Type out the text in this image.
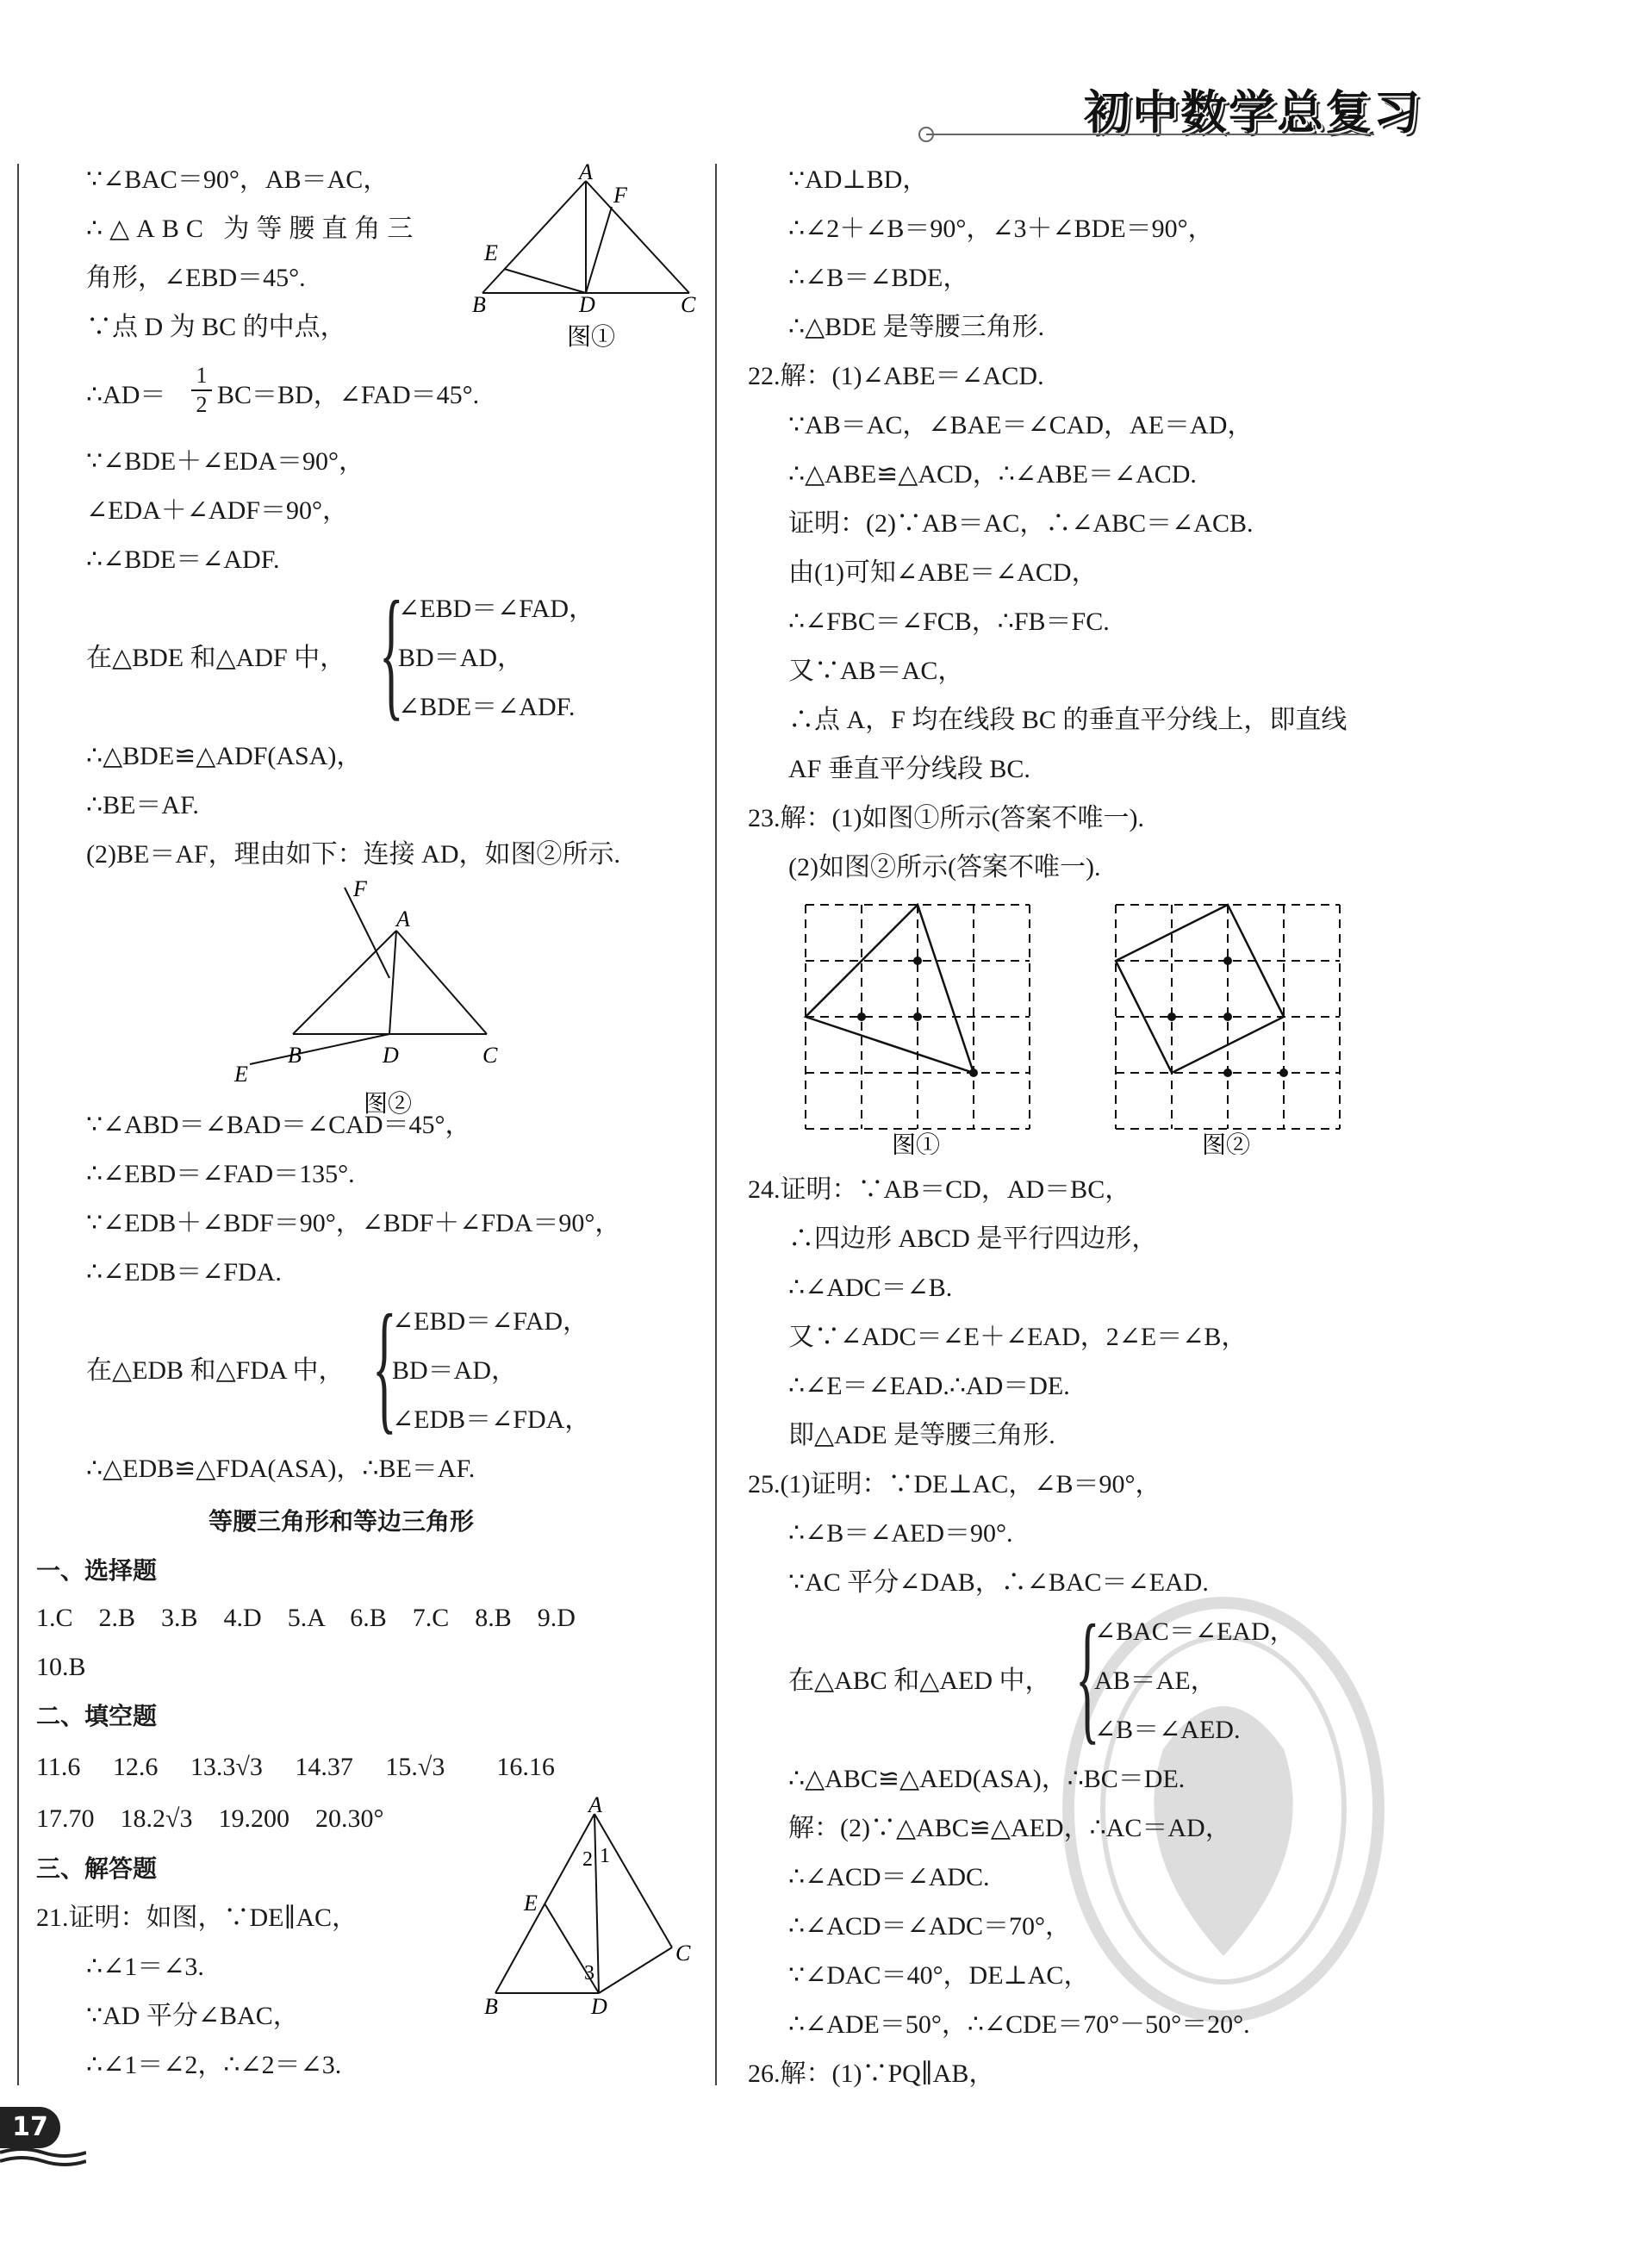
初中数学总复习
∵∠BAC＝90°，AB＝AC，
∴△ABC 为等腰直角三
角形，∠EBD＝45°.
∵点 D 为 BC 的中点，
A
F
E
B	D	C
图①
∴AD＝ $\frac{1}{2} BC=BD$，∠FAD＝45°.
∵∠BDE＋∠EDA＝90°，
∠EDA＋∠ADF＝90°，
∴∠BDE＝∠ADF.
在△BDE 和△ADF 中， {
∠EBD＝∠FAD，
BD＝AD，
∠BDE＝∠ADF.
∴△BDE≌△ADF(ASA)，
∴BE＝AF.
(2)BE＝AF，理由如下：连接 AD，如图②所示.
F
A
B	D	C
E
图②
∵∠ABD＝∠BAD＝∠CAD＝45°，
∴∠EBD＝∠FAD＝135°.
∵∠EDB＋∠BDF＝90°，∠BDF＋∠FDA＝90°，
∴∠EDB＝∠FDA.
在△EDB 和△FDA 中， {
∠EBD＝∠FAD，
BD＝AD，
∠EDB＝∠FDA，
∴△EDB≌△FDA(ASA)，∴BE＝AF.
等腰三角形和等边三角形
一、选择题
1.C　2.B　3.B　4.D　5.A　6.B　7.C　8.B　9.D
10.B
二、填空题
11.6　 12.6　 13.3√3　 14.37　 15.√3　　16.16
17.70　18.2√3　19.200　20.30°
三、解答题
21.证明：如图，∵DE∥AC，
∴∠1＝∠3.
∵AD 平分∠BAC，
∴∠1＝∠2，∴∠2＝∠3.
A
2 1
E
3
C
B	D
∵AD⊥BD，
∴∠2＋∠B＝90°，∠3＋∠BDE＝90°，
∴∠B＝∠BDE，
∴△BDE 是等腰三角形.
22.解：(1)∠ABE＝∠ACD.
∵AB＝AC，∠BAE＝∠CAD，AE＝AD，
∴△ABE≌△ACD，∴∠ABE＝∠ACD.
证明：(2)∵AB＝AC，∴∠ABC＝∠ACB.
由(1)可知∠ABE＝∠ACD，
∴∠FBC＝∠FCB，∴FB＝FC.
又∵AB＝AC，
∴点 A，F 均在线段 BC 的垂直平分线上，即直线
AF 垂直平分线段 BC.
23.解：(1)如图①所示(答案不唯一).
(2)如图②所示(答案不唯一).
图①	图②
24.证明：∵AB＝CD，AD＝BC，
∴四边形 ABCD 是平行四边形，
∴∠ADC＝∠B.
又∵∠ADC＝∠E＋∠EAD，2∠E＝∠B，
∴∠E＝∠EAD.∴AD＝DE.
即△ADE 是等腰三角形.
25.(1)证明：∵DE⊥AC，∠B＝90°，
∴∠B＝∠AED＝90°.
∵AC 平分∠DAB，∴∠BAC＝∠EAD.
在△ABC 和△AED 中， {
∠BAC＝∠EAD，
AB＝AE，
∠B＝∠AED.
∴△ABC≌△AED(ASA)，∴BC＝DE.
解：(2)∵△ABC≌△AED，∴AC＝AD，
∴∠ACD＝∠ADC.
∴∠ACD＝∠ADC＝70°，
∵∠DAC＝40°，DE⊥AC，
∴∠ADE＝50°，∴∠CDE＝70°－50°＝20°.
26.解：(1)∵PQ∥AB，
17
